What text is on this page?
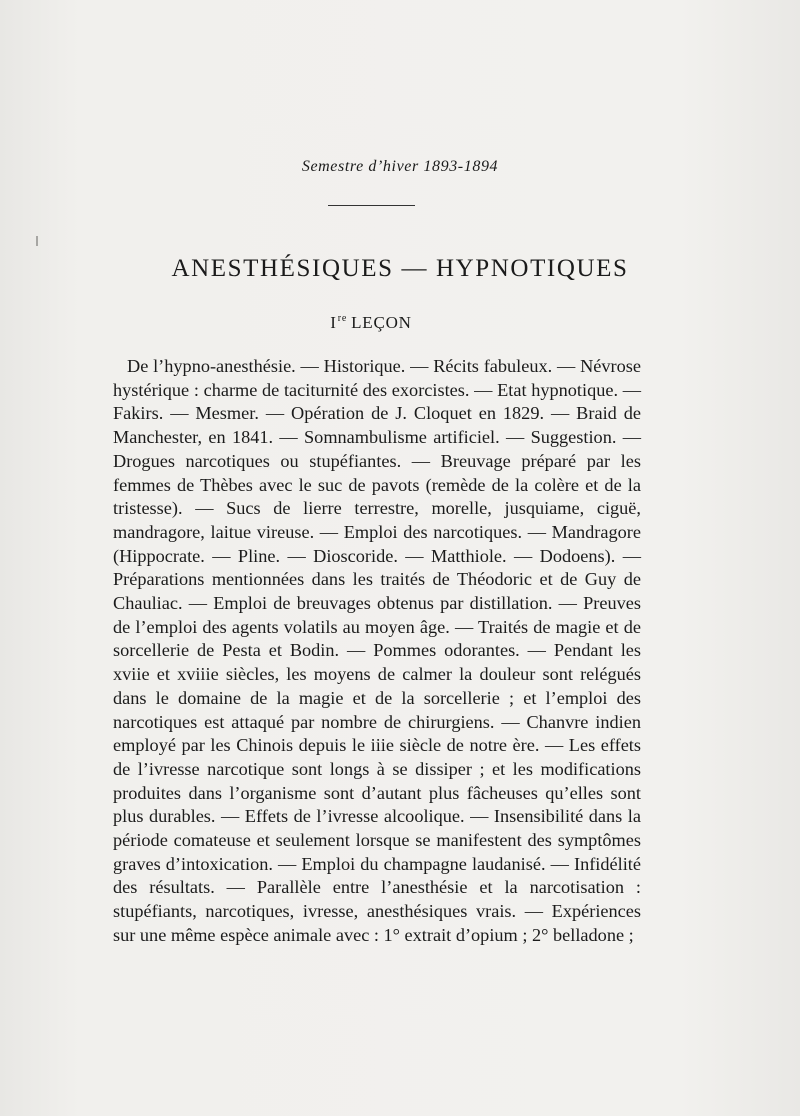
Semestre d’hiver 1893-1894
ANESTHÉSIQUES — HYPNOTIQUES
Ire LEÇON

De l’hypno-anesthésie. — Historique. — Récits fabuleux. — Névrose hystérique : charme de taciturnité des exorcistes. — Etat hypnotique. — Fakirs. — Mesmer. — Opération de J. Cloquet en 1829. — Braid de Manchester, en 1841. — Somnambulisme artificiel. — Suggestion. — Drogues narcotiques ou stupéfiantes. — Breuvage préparé par les femmes de Thèbes avec le suc de pavots (remède de la colère et de la tristesse). — Sucs de lierre terrestre, morelle, jusquiame, ciguë, mandragore, laitue vireuse. — Emploi des narcotiques. — Mandragore (Hippocrate. — Pline. — Dioscoride. — Matthiole. — Dodoens). — Préparations mentionnées dans les traités de Théodoric et de Guy de Chauliac. — Emploi de breuvages obtenus par distillation. — Preuves de l’emploi des agents volatils au moyen âge. — Traités de magie et de sorcellerie de Pesta et Bodin. — Pommes odorantes. — Pendant les xviie et xviiie siècles, les moyens de calmer la douleur sont relégués dans le domaine de la magie et de la sorcellerie ; et l’emploi des narcotiques est attaqué par nombre de chirurgiens. — Chanvre indien employé par les Chinois depuis le iiie siècle de notre ère. — Les effets de l’ivresse narcotique sont longs à se dissiper ; et les modifications produites dans l’organisme sont d’autant plus fâcheuses qu’elles sont plus durables. — Effets de l’ivresse alcoolique. — Insensibilité dans la période comateuse et seulement lorsque se manifestent des symptômes graves d’intoxication. — Emploi du champagne laudanisé. — Infidélité des résultats. — Parallèle entre l’anesthésie et la narcotisation : stupéfiants, narcotiques, ivresse, anesthésiques vrais. — Expériences sur une même espèce animale avec : 1° extrait d’opium ; 2° belladone ;
